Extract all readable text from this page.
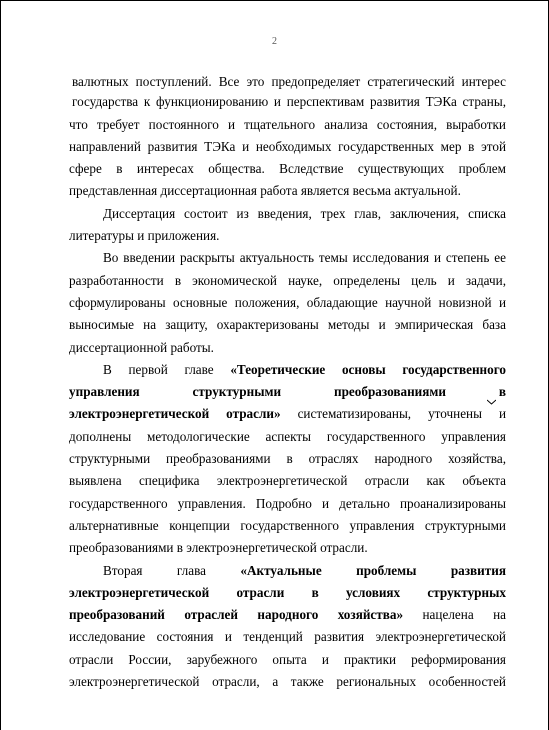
2
валютных поступлений. Все это предопределяет стратегический интерес
государства к функционированию и перспективам развития ТЭКа страны,
что требует постоянного и тщательного анализа состояния, выработки
направлений развития ТЭКа и необходимых государственных мер в этой
сфере в интересах общества. Вследствие существующих проблем
представленная диссертационная работа является весьма актуальной.
Диссертация состоит из введения, трех глав, заключения, списка
литературы и приложения.
Во введении раскрыты актуальность темы исследования и степень ее
разработанности в экономической науке, определены цель и задачи,
сформулированы основные положения, обладающие научной новизной и
выносимые на защиту, охарактеризованы методы и эмпирическая база
диссертационной работы.
В первой главе «Теоретические основы государственного
управления структурными преобразованиями в
электроэнергетической отрасли» систематизированы, уточнены и
дополнены методологические аспекты государственного управления
структурными преобразованиями в отраслях народного хозяйства,
выявлена специфика электроэнергетической отрасли как объекта
государственного управления. Подробно и детально проанализированы
альтернативные концепции государственного управления структурными
преобразованиями в электроэнергетической отрасли.
Вторая глава «Актуальные проблемы развития
электроэнергетической отрасли в условиях структурных
преобразований отраслей народного хозяйства» нацелена на
исследование состояния и тенденций развития электроэнергетической
отрасли России, зарубежного опыта и практики реформирования
электроэнергетической отрасли, а также региональных особенностей
